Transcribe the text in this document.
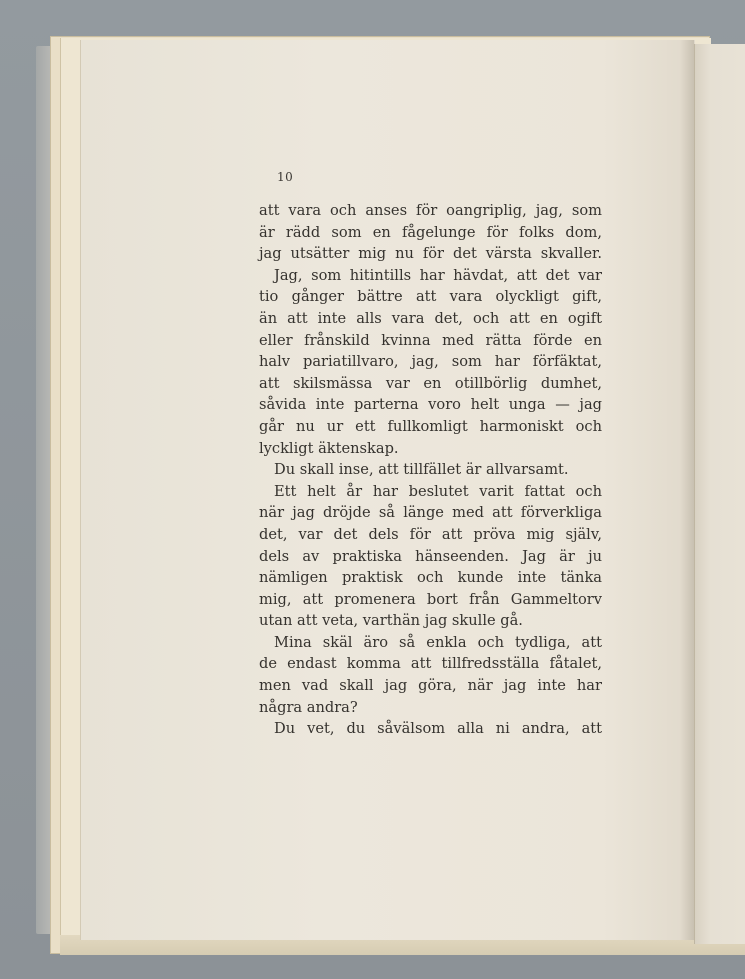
10
att vara och anses för oangriplig, jag, som
är rädd som en fågelunge för folks dom,
jag utsätter mig nu för det värsta skvaller.
Jag, som hitintills har hävdat, att det var
tio gånger bättre att vara olyckligt gift,
än att inte alls vara det, och att en ogift
eller frånskild kvinna med rätta förde en
halv pariatillvaro, jag, som har förfäktat,
att skilsmässa var en otillbörlig dumhet,
såvida inte parterna voro helt unga — jag
går nu ur ett fullkomligt harmoniskt och
lyckligt äktenskap.
Du skall inse, att tillfället är allvarsamt.
Ett helt år har beslutet varit fattat och
när jag dröjde så länge med att förverkliga
det, var det dels för att pröva mig själv,
dels av praktiska hänseenden. Jag är ju
nämligen praktisk och kunde inte tänka
mig, att promenera bort från Gammeltorv
utan att veta, varthän jag skulle gå.
Mina skäl äro så enkla och tydliga, att
de endast komma att tillfredsställa fåtalet,
men vad skall jag göra, när jag inte har
några andra?
Du vet, du såvälsom alla ni andra, att
